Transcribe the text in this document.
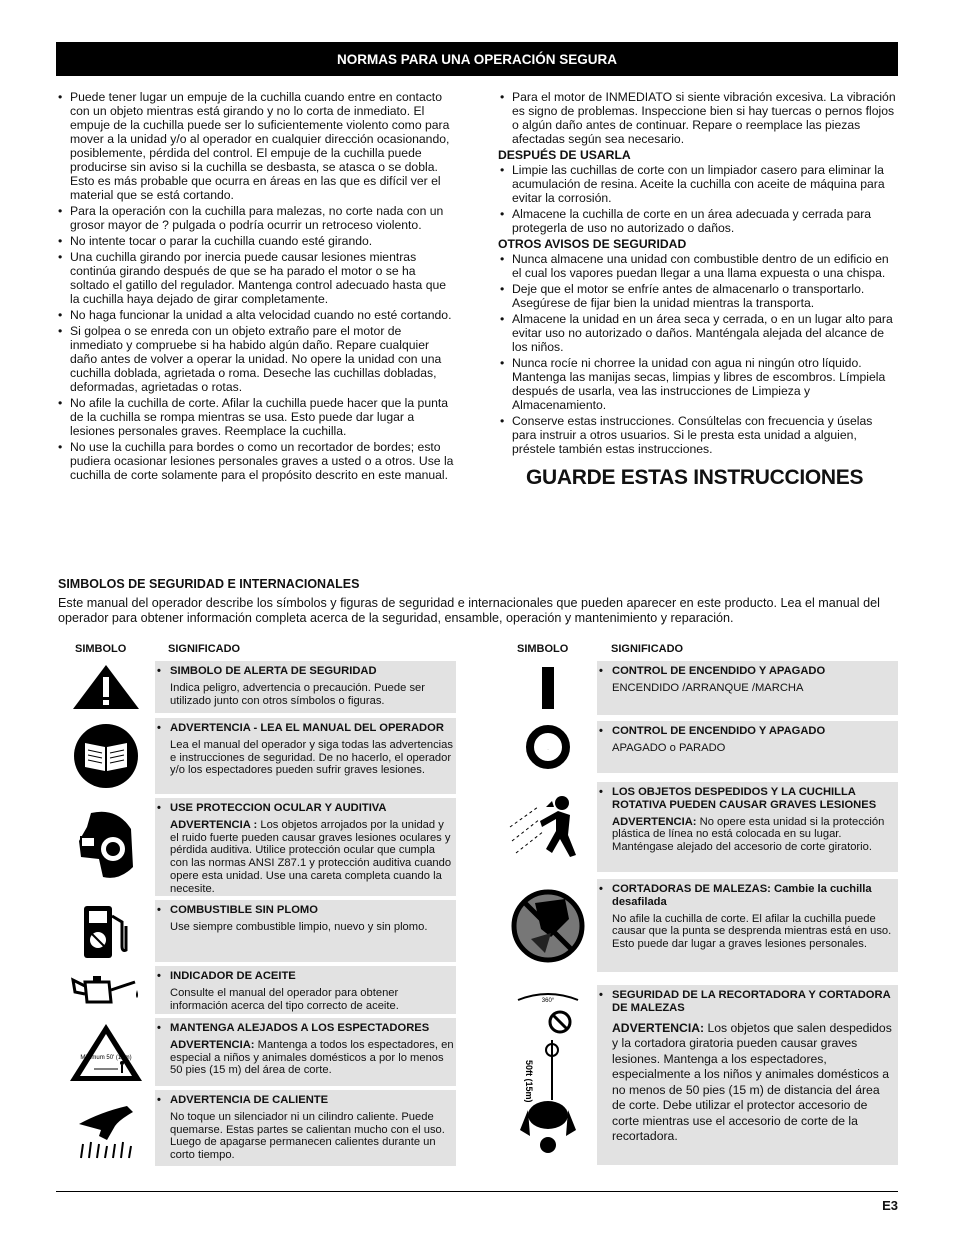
NORMAS PARA UNA OPERACIÓN SEGURA
• Puede tener lugar un empuje de la cuchilla cuando entre en contacto con un objeto mientras está girando y no lo corta de inmediato. El empuje de la cuchilla puede ser lo suficientemente violento como para mover a la unidad y/o al operador en cualquier dirección ocasionando, posiblemente, pérdida del control. El empuje de la cuchilla puede producirse sin aviso si la cuchilla se desbasta, se atasca o se dobla. Esto es más probable que ocurra en áreas en las que es difícil ver el material que se está cortando.
• Para la operación con la cuchilla para malezas, no corte nada con un grosor mayor de ? pulgada o podría ocurrir un retroceso violento.
• No intente tocar o parar la cuchilla cuando esté girando.
• Una cuchilla girando por inercia puede causar lesiones mientras continúa girando después de que se ha parado el motor o se ha soltado el gatillo del regulador. Mantenga control adecuado hasta que la cuchilla haya dejado de girar completamente.
• No haga funcionar la unidad a alta velocidad cuando no esté cortando.
• Si golpea o se enreda con un objeto extraño pare el motor de inmediato y compruebe si ha habido algún daño. Repare cualquier daño antes de volver a operar la unidad. No opere la unidad con una cuchilla doblada, agrietada o roma. Deseche las cuchillas dobladas, deformadas, agrietadas o rotas.
• No afile la cuchilla de corte. Afilar la cuchilla puede hacer que la punta de la cuchilla se rompa mientras se usa. Esto puede dar lugar a lesiones personales graves. Reemplace la cuchilla.
• No use la cuchilla para bordes o como un recortador de bordes; esto pudiera ocasionar lesiones personales graves a usted o a otros. Use la cuchilla de corte solamente para el propósito descrito en este manual.
• Para el motor de INMEDIATO si siente vibración excesiva. La vibración es signo de problemas. Inspeccione bien si hay tuercas o pernos flojos o algún daño antes de continuar. Repare o reemplace las piezas afectadas según sea necesario.
DESPUÉS DE USARLA
• Limpie las cuchillas de corte con un limpiador casero para eliminar la acumulación de resina. Aceite la cuchilla con aceite de máquina para evitar la corrosión.
• Almacene la cuchilla de corte en un área adecuada y cerrada para protegerla de uso no autorizado o daños.
OTROS AVISOS DE SEGURIDAD
• Nunca almacene una unidad con combustible dentro de un edificio en el cual los vapores puedan llegar a una llama expuesta o una chispa.
• Deje que el motor se enfríe antes de almacenarlo o transportarlo. Asegúrese de fijar bien la unidad mientras la transporta.
• Almacene la unidad en un área seca y cerrada, o en un lugar alto para evitar uso no autorizado o daños. Manténgala alejada del alcance de los niños.
• Nunca rocíe ni chorree la unidad con agua ni ningún otro líquido. Mantenga las manijas secas, limpias y libres de escombros. Límpiela después de usarla, vea las instrucciones de Limpieza y Almacenamiento.
• Conserve estas instrucciones. Consúltelas con frecuencia y úselas para instruir a otros usuarios. Si le presta esta unidad a alguien, préstele también estas instrucciones.
GUARDE ESTAS INSTRUCCIONES
SIMBOLOS DE SEGURIDAD E INTERNACIONALES
Este manual del operador describe los símbolos y figuras de seguridad e internacionales que pueden aparecer en este producto. Lea el manual del operador para obtener información completa acerca de la seguridad, ensamble, operación y mantenimiento y reparación.
SIMBOLO	SIGNIFICADO	SIMBOLO	SIGNIFICADO
• SIMBOLO DE ALERTA DE SEGURIDAD
Indica peligro, advertencia o precaución. Puede ser utilizado junto con otros símbolos o figuras.
• ADVERTENCIA - LEA EL MANUAL DEL OPERADOR
Lea el manual del operador y siga todas las advertencias e instrucciones de seguridad. De no hacerlo, el operador y/o los espectadores pueden sufrir graves lesiones.
• USE PROTECCION OCULAR Y AUDITIVA
ADVERTENCIA : Los objetos arrojados por la unidad y el ruido fuerte pueden causar graves lesiones oculares y pérdida auditiva. Utilice protección ocular que cumpla con las normas ANSI Z87.1 y protección auditiva cuando opere esta unidad. Use una careta completa cuando la necesite.
• COMBUSTIBLE SIN PLOMO
Use siempre combustible limpio, nuevo y sin plomo.
• INDICADOR DE ACEITE
Consulte el manual del operador para obtener información acerca del tipo correcto de aceite.
Minimum 50' (15m)
• MANTENGA ALEJADOS A LOS ESPECTADORES
ADVERTENCIA: Mantenga a todos los espectadores, en especial a niños y animales domésticos a por lo menos 50 pies (15 m) del área de corte.
• ADVERTENCIA DE CALIENTE
No toque un silenciador ni un cilindro caliente. Puede quemarse. Estas partes se calientan mucho con el uso. Luego de apagarse permanecen calientes durante un corto tiempo.
I
• CONTROL DE ENCENDIDO Y APAGADO
ENCENDIDO /ARRANQUE /MARCHA
O
• CONTROL DE ENCENDIDO Y APAGADO
APAGADO o PARADO
• LOS OBJETOS DESPEDIDOS Y LA CUCHILLA ROTATIVA PUEDEN CAUSAR GRAVES LESIONES
ADVERTENCIA: No opere esta unidad si la protección plástica de línea no está colocada en su lugar. Manténgase alejado del accesorio de corte giratorio.
• CORTADORAS DE MALEZAS: Cambie la cuchilla desafilada
No afile la cuchilla de corte. El afilar la cuchilla puede causar que la punta se desprenda mientras está en uso. Esto puede dar lugar a graves lesiones personales.
360°
50ft (15m)
• SEGURIDAD DE LA RECORTADORA Y CORTADORA DE MALEZAS
ADVERTENCIA: Los objetos que salen despedidos y la cortadora giratoria pueden causar graves lesiones. Mantenga a los espectadores, especialmente a los niños y animales domésticos a no menos de 50 pies (15 m) de distancia del área de corte. Debe utilizar el protector accesorio de corte mientras use el accesorio de corte de la recortadora.
E3
